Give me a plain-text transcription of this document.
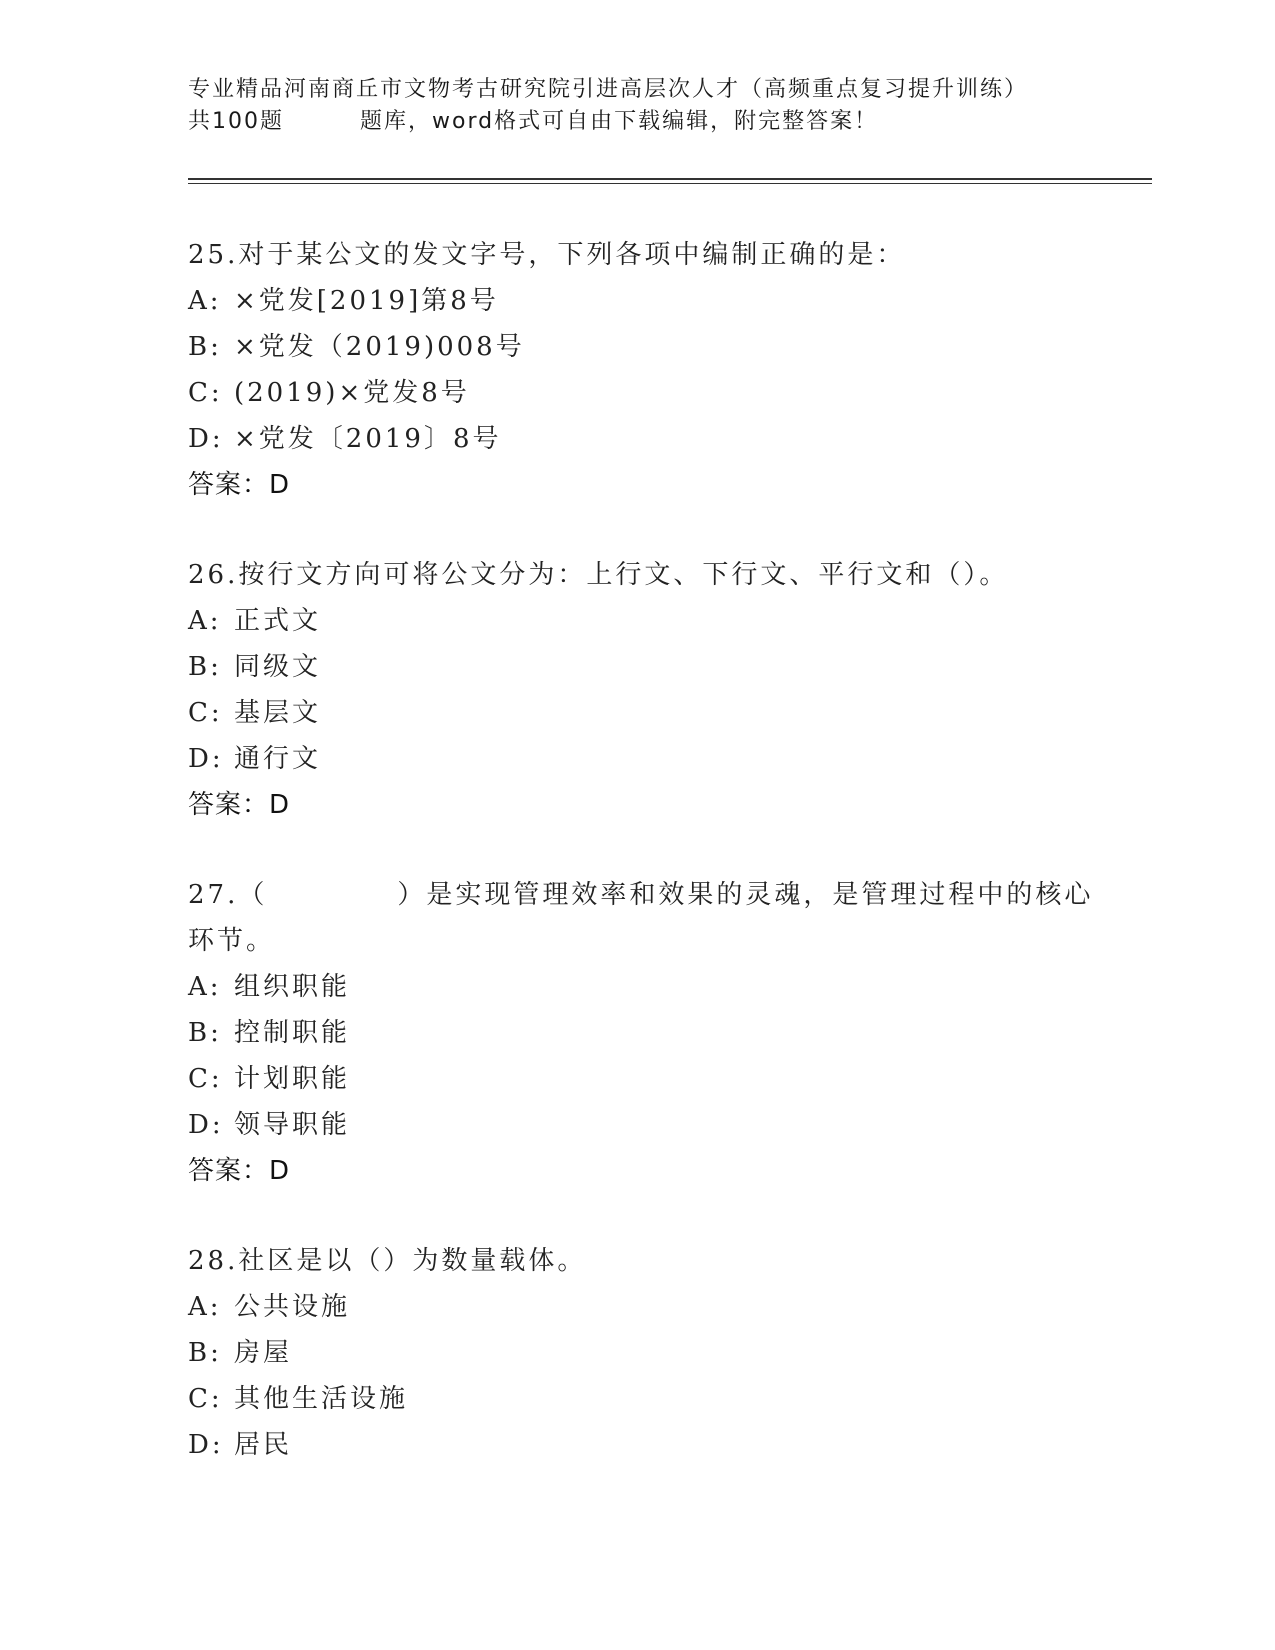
专业精品河南商丘市文物考古研究院引进高层次人才（高频重点复习提升训练）
共100题	题库，word格式可自由下载编辑，附完整答案！
25.对于某公文的发文字号，下列各项中编制正确的是：
A: ×党发[2019]第8号
B: ×党发（2019)008号
C: (2019)×党发8号
D: ×党发〔2019〕8号
答案：D
26.按行文方向可将公文分为：上行文、下行文、平行文和（）。
A: 正式文
B: 同级文
C: 基层文
D: 通行文
答案：D
27.（	）是实现管理效率和效果的灵魂，是管理过程中的核心
环节。
A: 组织职能
B: 控制职能
C: 计划职能
D: 领导职能
答案：D
28.社区是以（）为数量载体。
A: 公共设施
B: 房屋
C: 其他生活设施
D: 居民
